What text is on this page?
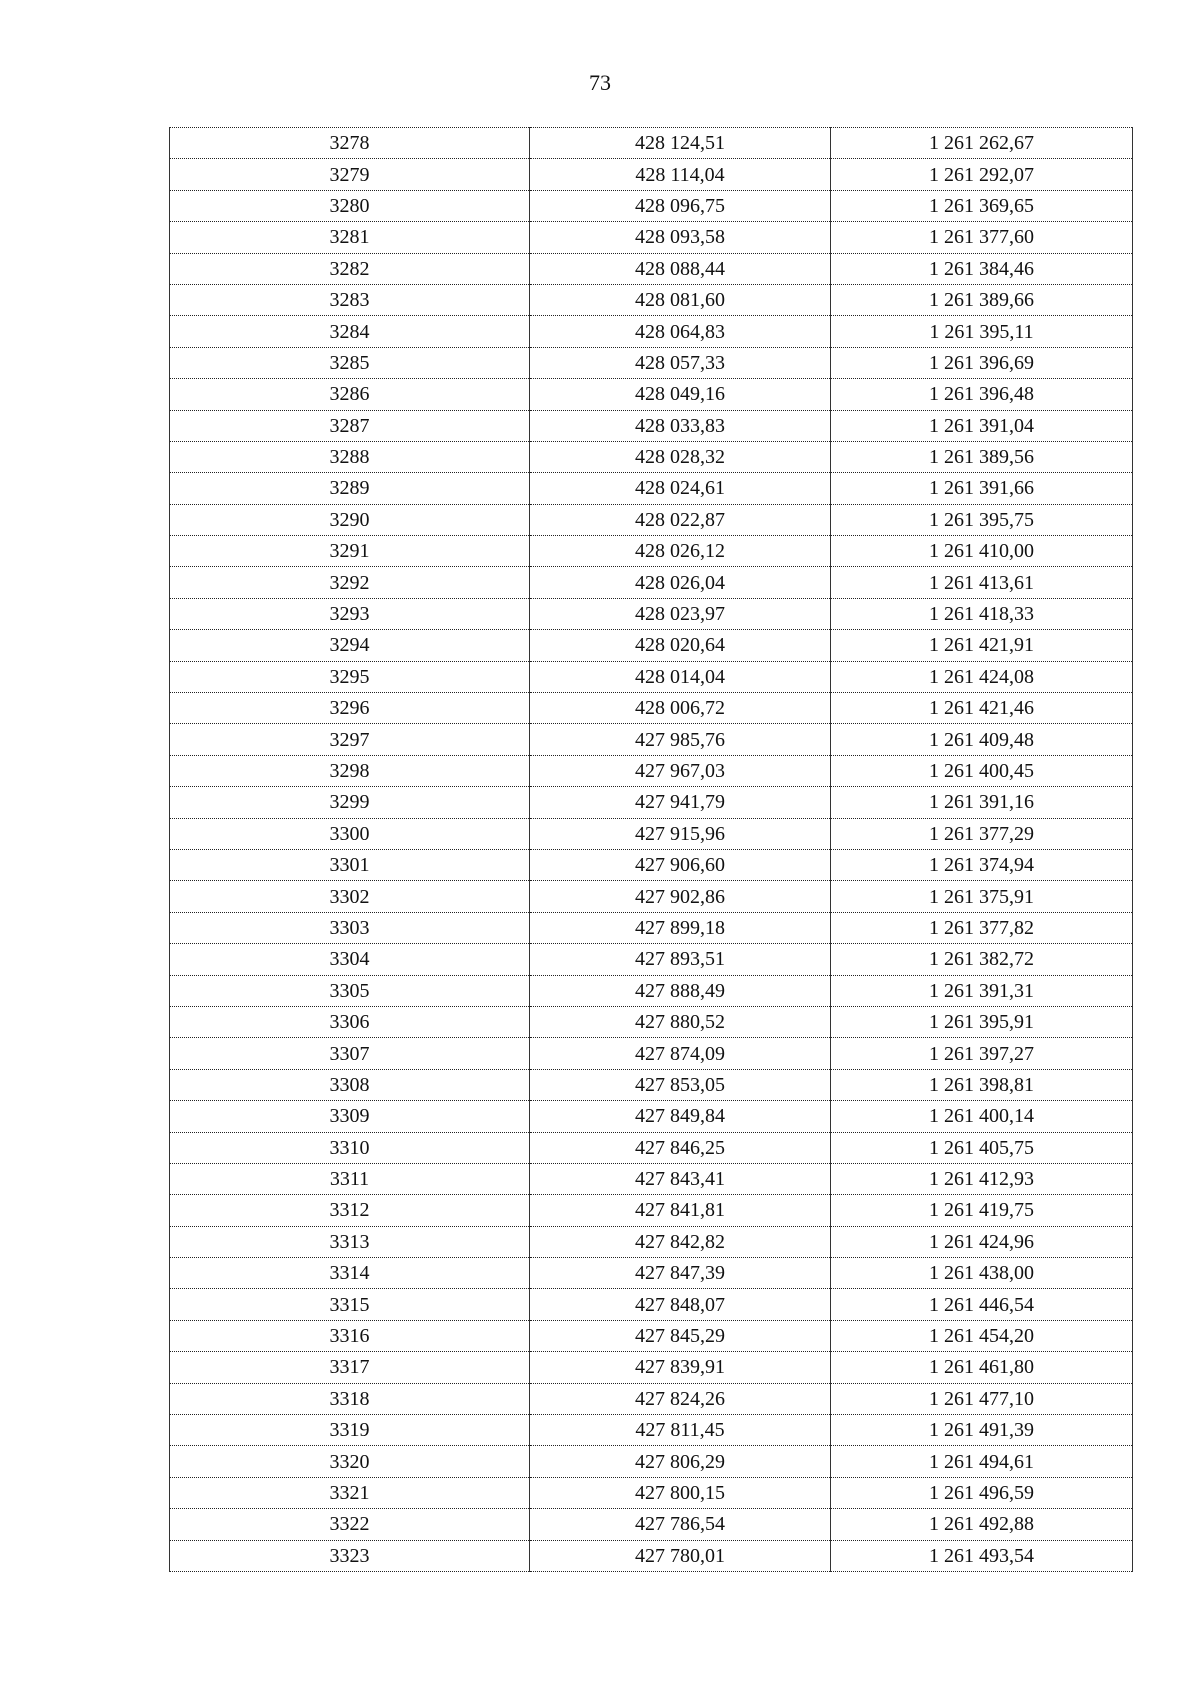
73
3278	428 124,51	1 261 262,67
3279	428 114,04	1 261 292,07
3280	428 096,75	1 261 369,65
3281	428 093,58	1 261 377,60
3282	428 088,44	1 261 384,46
3283	428 081,60	1 261 389,66
3284	428 064,83	1 261 395,11
3285	428 057,33	1 261 396,69
3286	428 049,16	1 261 396,48
3287	428 033,83	1 261 391,04
3288	428 028,32	1 261 389,56
3289	428 024,61	1 261 391,66
3290	428 022,87	1 261 395,75
3291	428 026,12	1 261 410,00
3292	428 026,04	1 261 413,61
3293	428 023,97	1 261 418,33
3294	428 020,64	1 261 421,91
3295	428 014,04	1 261 424,08
3296	428 006,72	1 261 421,46
3297	427 985,76	1 261 409,48
3298	427 967,03	1 261 400,45
3299	427 941,79	1 261 391,16
3300	427 915,96	1 261 377,29
3301	427 906,60	1 261 374,94
3302	427 902,86	1 261 375,91
3303	427 899,18	1 261 377,82
3304	427 893,51	1 261 382,72
3305	427 888,49	1 261 391,31
3306	427 880,52	1 261 395,91
3307	427 874,09	1 261 397,27
3308	427 853,05	1 261 398,81
3309	427 849,84	1 261 400,14
3310	427 846,25	1 261 405,75
3311	427 843,41	1 261 412,93
3312	427 841,81	1 261 419,75
3313	427 842,82	1 261 424,96
3314	427 847,39	1 261 438,00
3315	427 848,07	1 261 446,54
3316	427 845,29	1 261 454,20
3317	427 839,91	1 261 461,80
3318	427 824,26	1 261 477,10
3319	427 811,45	1 261 491,39
3320	427 806,29	1 261 494,61
3321	427 800,15	1 261 496,59
3322	427 786,54	1 261 492,88
3323	427 780,01	1 261 493,54
